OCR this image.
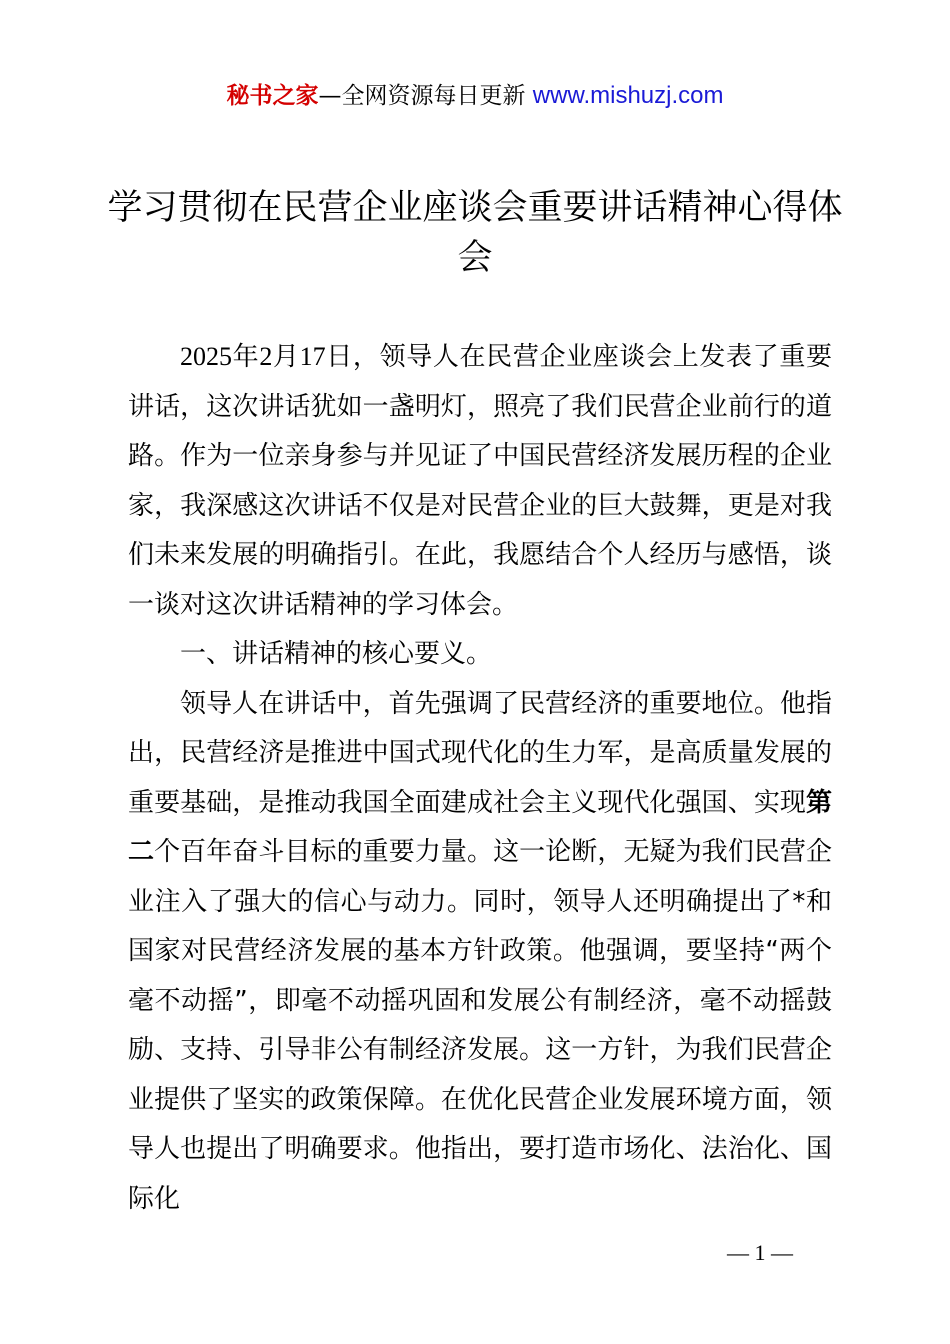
秘书之家—全网资源每日更新 www.mishuzj.com
学习贯彻在民营企业座谈会重要讲话精神心得体会

2025年2月17日，领导人在民营企业座谈会上发表了重要讲话，这次讲话犹如一盏明灯，照亮了我们民营企业前行的道路。作为一位亲身参与并见证了中国民营经济发展历程的企业家，我深感这次讲话不仅是对民营企业的巨大鼓舞，更是对我们未来发展的明确指引。在此，我愿结合个人经历与感悟，谈一谈对这次讲话精神的学习体会。

一、讲话精神的核心要义。

领导人在讲话中，首先强调了民营经济的重要地位。他指出，民营经济是推进中国式现代化的生力军，是高质量发展的重要基础，是推动我国全面建成社会主义现代化强国、实现第二个百年奋斗目标的重要力量。这一论断，无疑为我们民营企业注入了强大的信心与动力。同时，领导人还明确提出了*和国家对民营经济发展的基本方针政策。他强调，要坚持“两个毫不动摇”，即毫不动摇巩固和发展公有制经济，毫不动摇鼓励、支持、引导非公有制经济发展。这一方针，为我们民营企业提供了坚实的政策保障。在优化民营企业发展环境方面，领导人也提出了明确要求。他指出，要打造市场化、法治化、国际化

— 1 —
